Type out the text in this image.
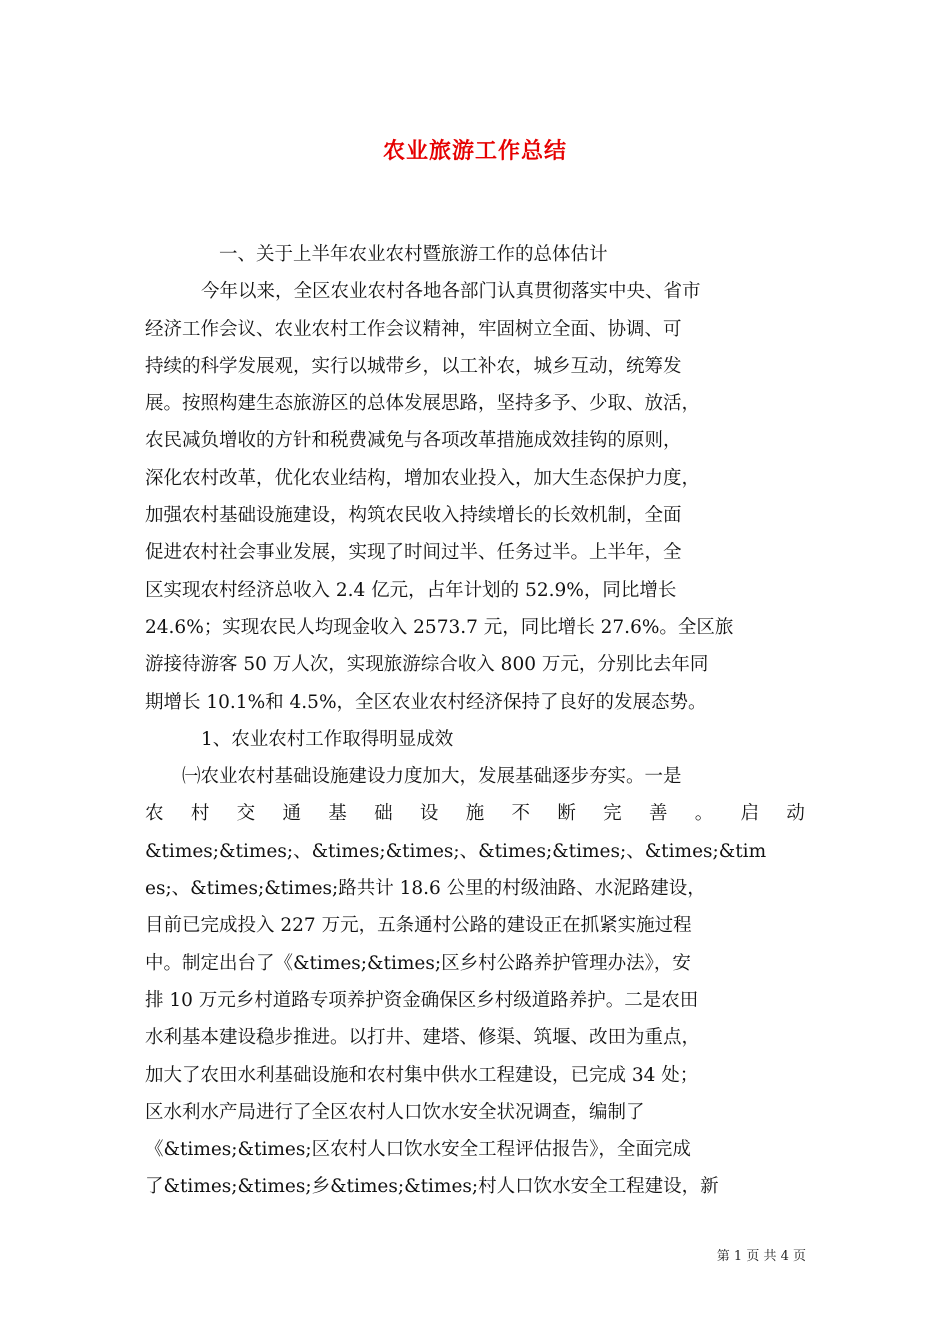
农业旅游工作总结
一、关于上半年农业农村暨旅游工作的总体估计
今年以来，全区农业农村各地各部门认真贯彻落实中央、省市
经济工作会议、农业农村工作会议精神，牢固树立全面、协调、可
持续的科学发展观，实行以城带乡，以工补农，城乡互动，统筹发
展。按照构建生态旅游区的总体发展思路，坚持多予、少取、放活，
农民减负增收的方针和税费减免与各项改革措施成效挂钩的原则，
深化农村改革，优化农业结构，增加农业投入，加大生态保护力度，
加强农村基础设施建设，构筑农民收入持续增长的长效机制，全面
促进农村社会事业发展，实现了时间过半、任务过半。上半年，全
区实现农村经济总收入 2.4 亿元，占年计划的 52.9%，同比增长
24.6%；实现农民人均现金收入 2573.7 元，同比增长 27.6%。全区旅
游接待游客 50 万人次，实现旅游综合收入 800 万元，分别比去年同
期增长 10.1%和 4.5%，全区农业农村经济保持了良好的发展态势。
1、农业农村工作取得明显成效
㈠农业农村基础设施建设力度加大，发展基础逐步夯实。一是
农 村 交 通 基 础 设 施 不 断 完 善 。 启 动
&times;&times;、&times;&times;、&times;&times;、&times;&tim
es;、&times;&times;路共计 18.6 公里的村级油路、水泥路建设，
目前已完成投入 227 万元，五条通村公路的建设正在抓紧实施过程
中。制定出台了《&times;&times;区乡村公路养护管理办法》，安
排 10 万元乡村道路专项养护资金确保区乡村级道路养护。二是农田
水利基本建设稳步推进。以打井、建塔、修渠、筑堰、改田为重点，
加大了农田水利基础设施和农村集中供水工程建设，已完成 34 处；
区水利水产局进行了全区农村人口饮水安全状况调查，编制了
《&times;&times;区农村人口饮水安全工程评估报告》，全面完成
了&times;&times;乡&times;&times;村人口饮水安全工程建设，新
第 1 页 共 4 页
